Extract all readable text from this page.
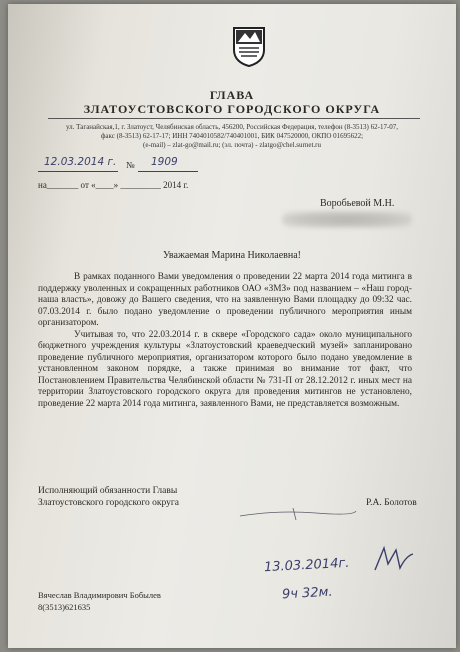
ГЛАВА
ЗЛАТОУСТОВСКОГО ГОРОДСКОГО ОКРУГА
ул. Таганайская,1, г. Златоуст, Челябинская область, 456200, Российская Федерация, телефон (8-3513) 62-17-07,
факс (8-3513) 62-17-17; ИНН 7404010582/740401001, БИК 047520000, ОКПО 01695622;
(e-mail) – zlat-go@mail.ru; (эл. почта) - zlatgo@chel.surnet.ru
12.03.2014 г. № 1909
на_______ от «____» _________ 2014 г.
Воробьевой М.Н.
Уважаемая Марина Николаевна!

В рамках поданного Вами уведомления о проведении 22 марта 2014 года митинга в поддержку уволенных и сокращенных работников ОАО «ЗМЗ» под названием – «Наш город-наша власть», довожу до Вашего сведения, что на заявленную Вами площадку до 09:32 час. 07.03.2014 г. было подано уведомление о проведении публичного мероприятия иным организатором.

Учитывая то, что 22.03.2014 г. в сквере «Городского сада» около муниципального бюджетного учреждения культуры «Златоустовский краеведческий музей» запланировано проведение публичного мероприятия, организатором которого было подано уведомление в установленном законом порядке, а также принимая во внимание тот факт, что Постановлением Правительства Челябинской области № 731-П от 28.12.2012 г. иных мест на территории Златоустовского городского округа для проведения митингов не установлено, проведение 22 марта 2014 года митинга, заявленного Вами, не представляется возможным.

Исполняющий обязанности Главы
Златоустовского городского округа	Р.А. Болотов
13.03.2014г.
9ч 32м.
Вячеслав Владимирович Бобылев
8(3513)621635
